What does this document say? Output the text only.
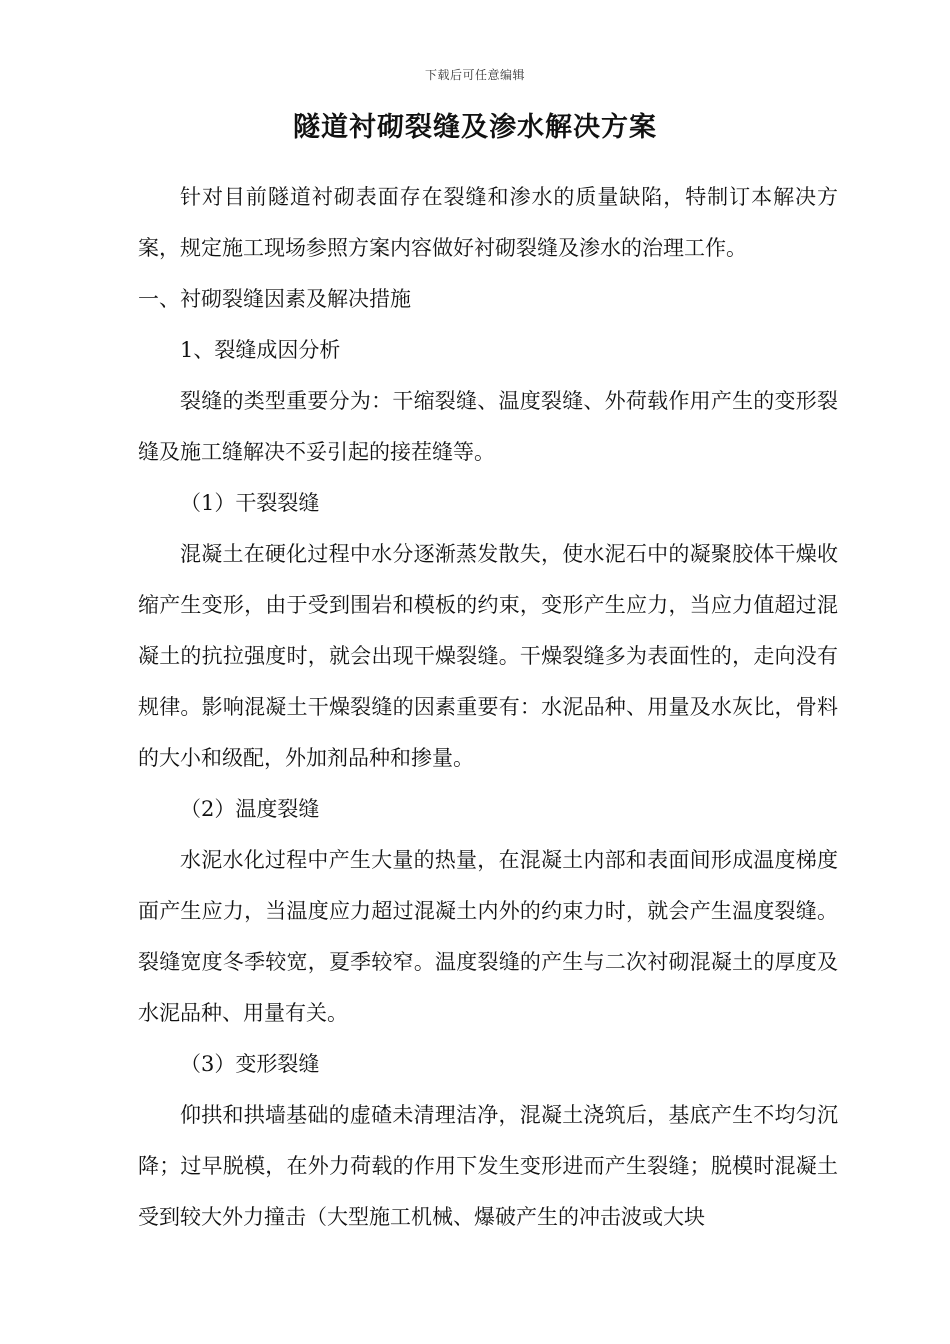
下载后可任意编辑
隧道衬砌裂缝及渗水解决方案

针对目前隧道衬砌表面存在裂缝和渗水的质量缺陷，特制订本解决方案，规定施工现场参照方案内容做好衬砌裂缝及渗水的治理工作。

一、衬砌裂缝因素及解决措施

1、裂缝成因分析

裂缝的类型重要分为：干缩裂缝、温度裂缝、外荷载作用产生的变形裂缝及施工缝解决不妥引起的接茬缝等。

（1）干裂裂缝

混凝土在硬化过程中水分逐渐蒸发散失，使水泥石中的凝聚胶体干燥收缩产生变形，由于受到围岩和模板的约束，变形产生应力，当应力值超过混凝土的抗拉强度时，就会出现干燥裂缝。干燥裂缝多为表面性的，走向没有规律。影响混凝土干燥裂缝的因素重要有：水泥品种、用量及水灰比，骨料的大小和级配，外加剂品种和掺量。

（2）温度裂缝

水泥水化过程中产生大量的热量，在混凝土内部和表面间形成温度梯度面产生应力，当温度应力超过混凝土内外的约束力时，就会产生温度裂缝。裂缝宽度冬季较宽，夏季较窄。温度裂缝的产生与二次衬砌混凝土的厚度及水泥品种、用量有关。

（3）变形裂缝

仰拱和拱墙基础的虚碴未清理洁净，混凝土浇筑后，基底产生不均匀沉降；过早脱模，在外力荷载的作用下发生变形进而产生裂缝；脱模时混凝土受到较大外力撞击（大型施工机械、爆破产生的冲击波或大块
